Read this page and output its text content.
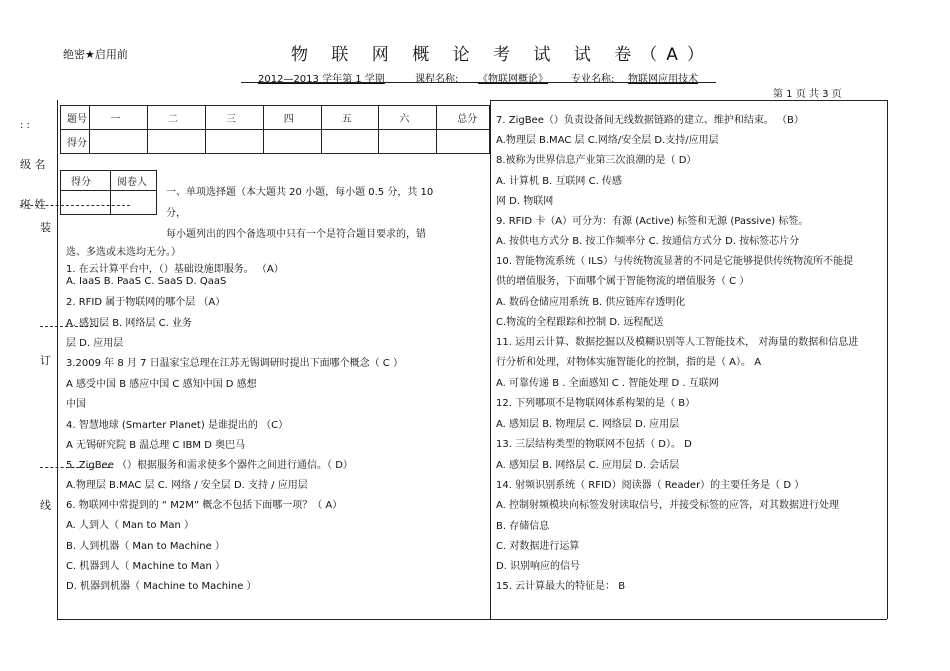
绝密★启用前	物 联 网 概 论 考 试 试 卷（A）
2012—2013 学年第 1 学期	课程名称: 《物联网概论》 专业名称: 物联网应用技术
第 1 页 共 3 页
: :
级 名
班 姓
装
订
线
题号	一	二	三	四	五	六	总分
得分							
得分	阅卷人

一、单项选择题（本大题共 20 小题，每小题 0.5 分，共 10
分，
每小题列出的四个备选项中只有一个是符合题目要求的，错
选、多选或未选均无分。）
1. 在云计算平台中，（）基础设施即服务。 （A）
A. IaaS B. PaaS C. SaaS D. QaaS
2. RFID 属于物联网的哪个层 （A）
A. 感知层 B. 网络层 C. 业务
层 D. 应用层
3.2009 年 8 月 7 日温家宝总理在江苏无锡调研时提出下面哪个概念（ C ）
A 感受中国 B 感应中国 C 感知中国 D 感想
中国
4. 智慧地球 (Smarter Planet) 是谁提出的 （C）
A 无锡研究院 B 温总理 C IBM D 奥巴马
5. ZigBee （）根据服务和需求使多个器件之间进行通信。（ D）
A.物理层 B.MAC 层 C. 网络 / 安全层 D. 支持 / 应用层
6. 物联网中常提到的 “ M2M” 概念不包括下面哪一项？（ A）
A. 人到人（ Man to Man ）
B. 人到机器（ Man to Machine ）
C. 机器到人（ Machine to Man ）
D. 机器到机器（ Machine to Machine ）
7. ZigBee（）负责设备间无线数据链路的建立、维护和结束。 （B）
A.物理层 B.MAC 层 C.网络/安全层 D.支持/应用层
8.被称为世界信息产业第三次浪潮的是（ D）
A. 计算机 B. 互联网 C. 传感
网 D. 物联网
9. RFID 卡（A）可分为：有源 (Active) 标签和无源 (Passive) 标签。
A. 按供电方式分 B. 按工作频率分 C. 按通信方式分 D. 按标签芯片分
10. 智能物流系统（ ILS）与传统物流显著的不同是它能够提供传统物流所不能提
供的增值服务，下面哪个属于智能物流的增值服务（ C ）
A. 数码仓储应用系统 B. 供应链库存透明化
C.物流的全程跟踪和控制 D. 远程配送
11. 运用云计算、数据挖掘以及模糊识别等人工智能技术， 对海量的数据和信息进
行分析和处理，对物体实施智能化的控制，指的是（ A）。 A
A. 可靠传递 B . 全面感知 C . 智能处理 D . 互联网
12. 下列哪项不是物联网体系构架的是（ B）
A. 感知层 B. 物理层 C. 网络层 D. 应用层
13. 三层结构类型的物联网不包括（ D）。 D
A. 感知层 B. 网络层 C. 应用层 D. 会话层
14. 射频识别系统（ RFID）阅读器（ Reader）的主要任务是（ D ）
A. 控制射频模块向标签发射读取信号，并接受标签的应答，对其数据进行处理
B. 存储信息
C. 对数据进行运算
D. 识别响应的信号
15. 云计算最大的特征是： B
